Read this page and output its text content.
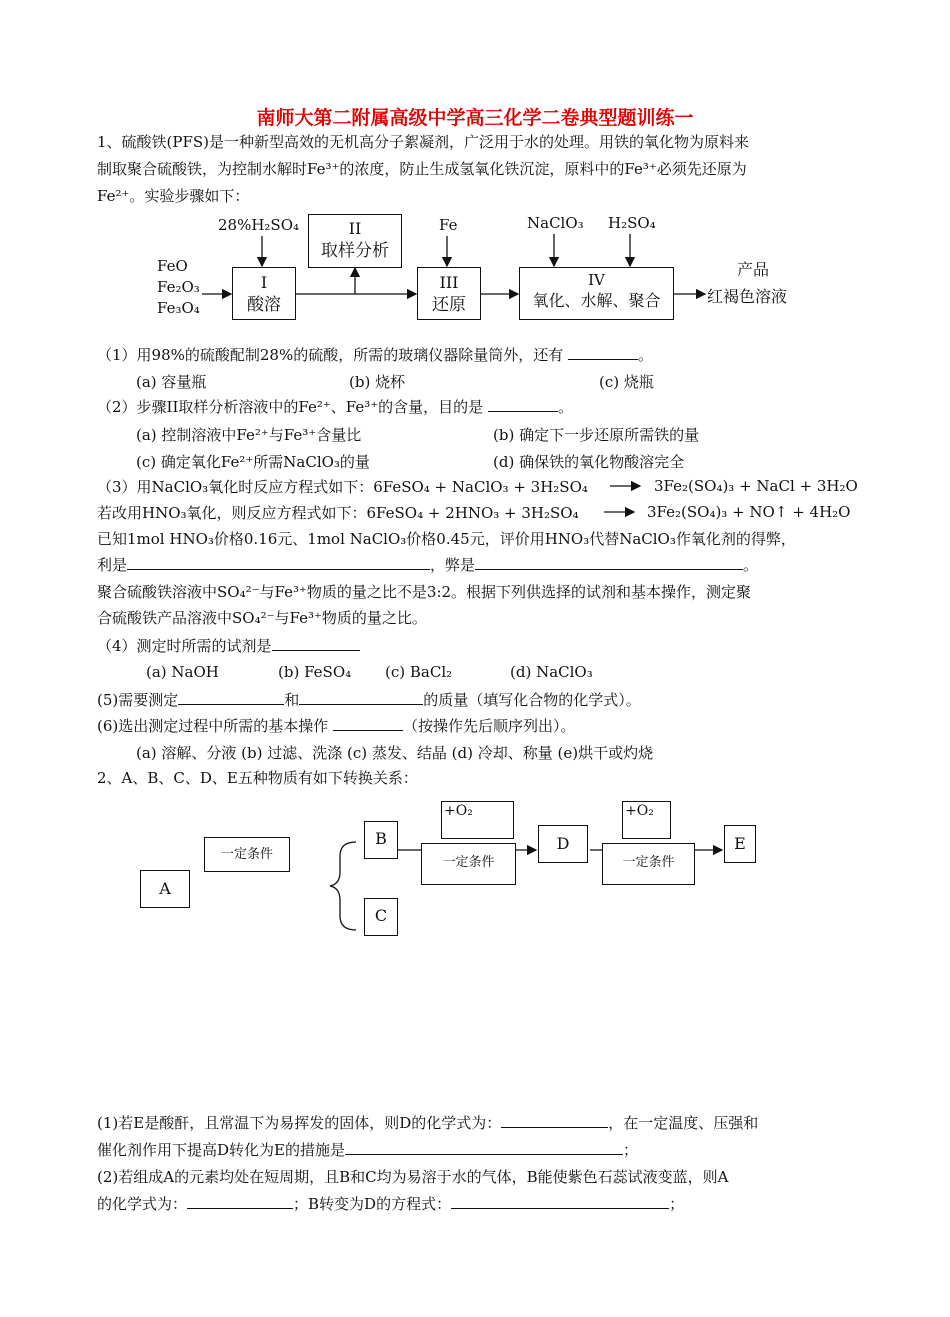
南师大第二附属高级中学高三化学二卷典型题训练一
1、硫酸铁(PFS)是一种新型高效的无机高分子絮凝剂，广泛用于水的处理。用铁的氧化物为原料来
制取聚合硫酸铁，为控制水解时Fe³⁺的浓度，防止生成氢氧化铁沉淀，原料中的Fe³⁺必须先还原为
Fe²⁺。实验步骤如下：
28%H₂SO₄	Fe	NaClO₃ H₂SO₄
FeO
Fe₂O₃
Fe₃O₄
I
酸溶
II
取样分析
III
还原
IV
氧化、水解、聚合
产品
红褐色溶液
（1）用98%的硫酸配制28%的硫酸，所需的玻璃仪器除量筒外，还有	。
(a) 容量瓶	(b) 烧杯	(c) 烧瓶
（2）步骤II取样分析溶液中的Fe²⁺、Fe³⁺的含量，目的是	。
(a) 控制溶液中Fe²⁺与Fe³⁺含量比	(b) 确定下一步还原所需铁的量
(c) 确定氧化Fe²⁺所需NaClO₃的量	(d) 确保铁的氧化物酸溶完全
（3）用NaClO₃氧化时反应方程式如下：6FeSO₄ + NaClO₃ + 3H₂SO₄	3Fe₂(SO₄)₃ + NaCl + 3H₂O
若改用HNO₃氧化，则反应方程式如下：6FeSO₄ + 2HNO₃ + 3H₂SO₄	3Fe₂(SO₄)₃ + NO↑ + 4H₂O
已知1mol HNO₃价格0.16元、1mol NaClO₃价格0.45元，评价用HNO₃代替NaClO₃作氧化剂的得弊，
利是	，弊是	。
聚合硫酸铁溶液中SO₄²⁻与Fe³⁺物质的量之比不是3:2。根据下列供选择的试剂和基本操作，测定聚
合硫酸铁产品溶液中SO₄²⁻与Fe³⁺物质的量之比。
（4）测定时所需的试剂是
(a) NaOH	(b) FeSO₄ (c) BaCl₂	(d) NaClO₃
(5)需要测定	和	的质量（填写化合物的化学式）。
(6)选出测定过程中所需的基本操作	（按操作先后顺序列出）。
(a) 溶解、分液 (b) 过滤、洗涤 (c) 蒸发、结晶 (d) 冷却、称量 (e)烘干或灼烧
2、A、B、C、D、E五种物质有如下转换关系：
一定条件
A
B
C
D	E
+O₂
一定条件
+O₂
一定条件
(1)若E是酸酐，且常温下为易挥发的固体，则D的化学式为：	，在一定温度、压强和
催化剂作用下提高D转化为E的措施是	；
(2)若组成A的元素均处在短周期，且B和C均为易溶于水的气体，B能使紫色石蕊试液变蓝，则A
的化学式为：	；B转变为D的方程式：	；
